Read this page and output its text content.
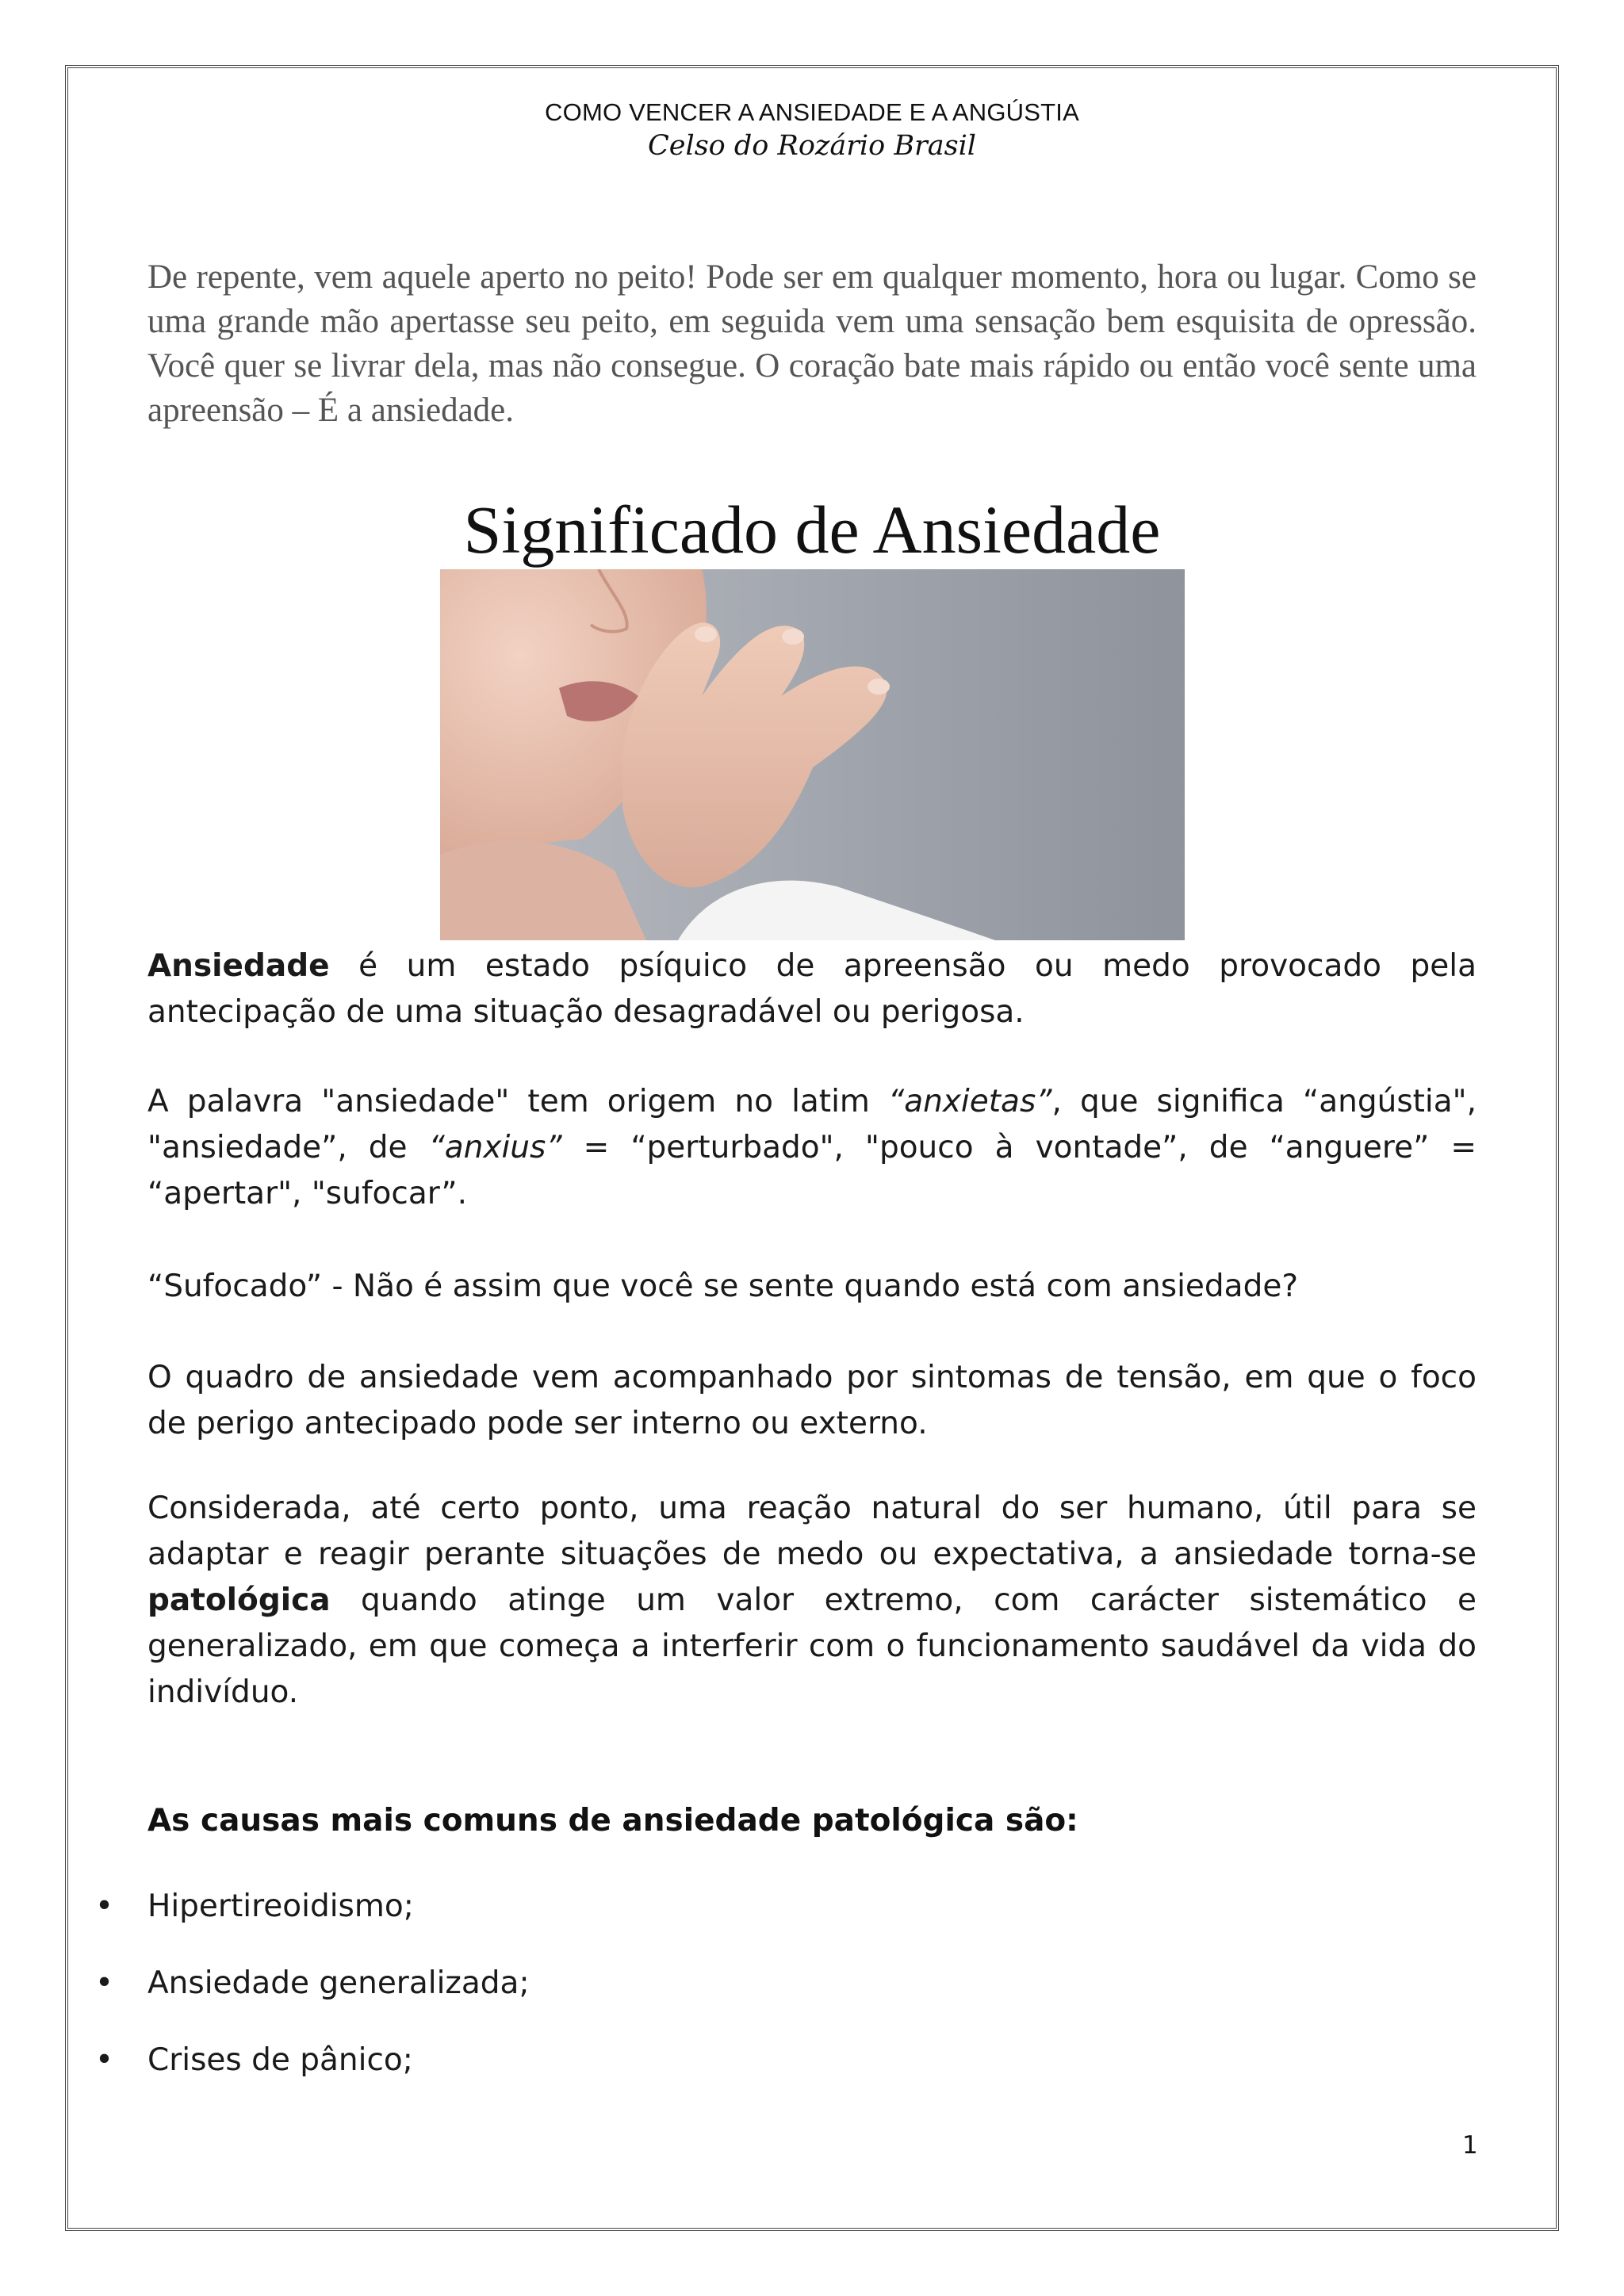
COMO VENCER A ANSIEDADE E A ANGÚSTIA
Celso do Rozário Brasil
De repente, vem aquele aperto no peito! Pode ser em qualquer momento, hora ou lugar. Como se uma grande mão apertasse seu peito, em seguida vem uma sensação bem esquisita de opressão. Você quer se livrar dela, mas não consegue. O coração bate mais rápido ou então você sente uma apreensão – É a ansiedade.
Significado de Ansiedade

Ansiedade é um estado psíquico de apreensão ou medo provocado pela antecipação de uma situação desagradável ou perigosa.

A palavra "ansiedade" tem origem no latim “anxietas”, que significa “angústia", "ansiedade”, de “anxius” = “perturbado", "pouco à vontade”, de “anguere” = “apertar", "sufocar”.

“Sufocado” - Não é assim que você se sente quando está com ansiedade?

O quadro de ansiedade vem acompanhado por sintomas de tensão, em que o foco de perigo antecipado pode ser interno ou externo.

Considerada, até certo ponto, uma reação natural do ser humano, útil para se adaptar e reagir perante situações de medo ou expectativa, a ansiedade torna-se patológica quando atinge um valor extremo, com carácter sistemático e generalizado, em que começa a interferir com o funcionamento saudável da vida do indivíduo.

As causas mais comuns de ansiedade patológica são:
• Hipertireoidismo;
• Ansiedade generalizada;
• Crises de pânico;
1
